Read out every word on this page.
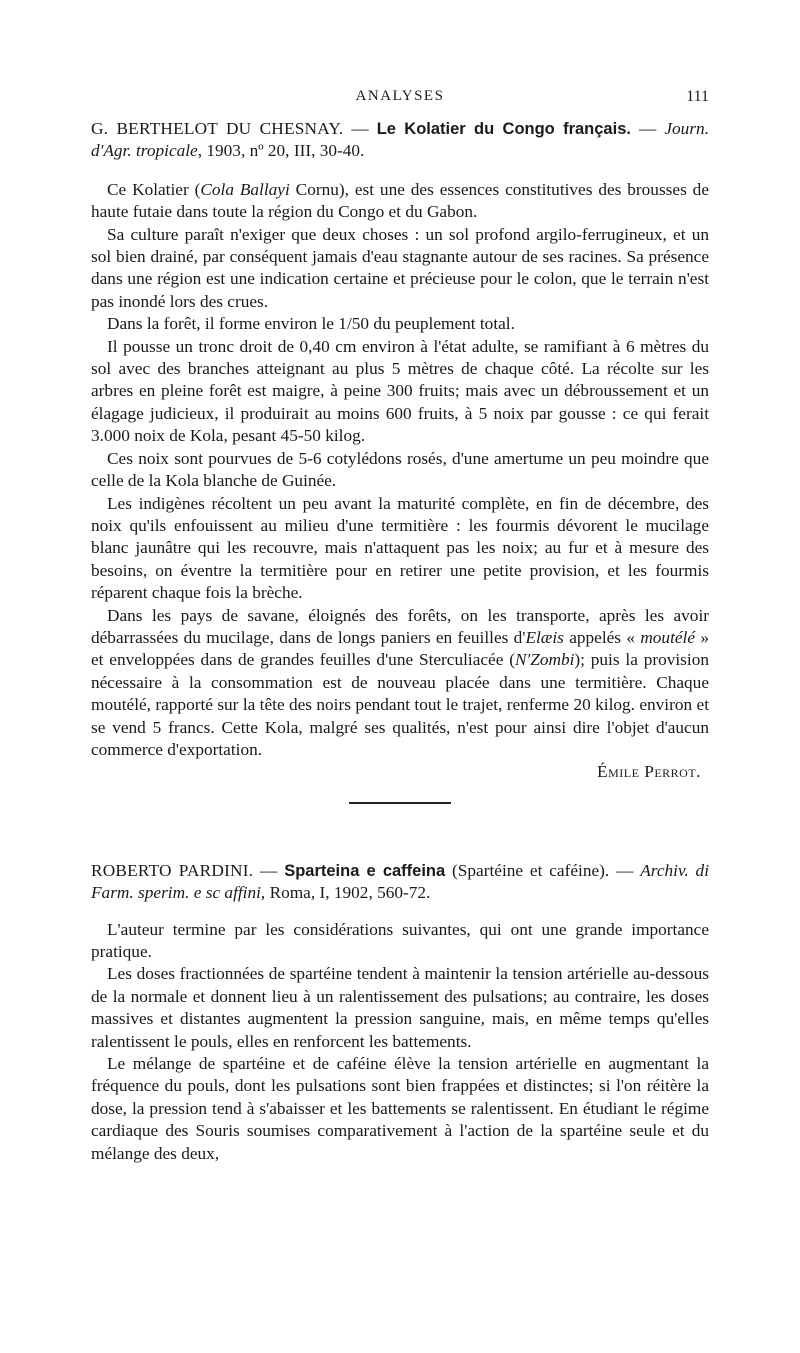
ANALYSES	111

G. BERTHELOT DU CHESNAY. — Le Kolatier du Congo français. — Journ. d'Agr. tropicale, 1903, nº 20, III, 30-40.

Ce Kolatier (Cola Ballayi Cornu), est une des essences constitutives des brousses de haute futaie dans toute la région du Congo et du Gabon.

Sa culture paraît n'exiger que deux choses : un sol profond argilo-ferrugineux, et un sol bien drainé, par conséquent jamais d'eau stagnante autour de ses racines. Sa présence dans une région est une indication certaine et précieuse pour le colon, que le terrain n'est pas inondé lors des crues.

Dans la forêt, il forme environ le 1/50 du peuplement total.

Il pousse un tronc droit de 0,40 cm environ à l'état adulte, se ramifiant à 6 mètres du sol avec des branches atteignant au plus 5 mètres de chaque côté. La récolte sur les arbres en pleine forêt est maigre, à peine 300 fruits; mais avec un débroussement et un élagage judicieux, il produirait au moins 600 fruits, à 5 noix par gousse : ce qui ferait 3.000 noix de Kola, pesant 45-50 kilog.

Ces noix sont pourvues de 5-6 cotylédons rosés, d'une amertume un peu moindre que celle de la Kola blanche de Guinée.

Les indigènes récoltent un peu avant la maturité complète, en fin de décembre, des noix qu'ils enfouissent au milieu d'une termitière : les fourmis dévorent le mucilage blanc jaunâtre qui les recouvre, mais n'attaquent pas les noix; au fur et à mesure des besoins, on éventre la termitière pour en retirer une petite provision, et les fourmis réparent chaque fois la brèche.

Dans les pays de savane, éloignés des forêts, on les transporte, après les avoir débarrassées du mucilage, dans de longs paniers en feuilles d'Elæis appelés « moutélé » et enveloppées dans de grandes feuilles d'une Sterculiacée (N'Zombi); puis la provision nécessaire à la consommation est de nouveau placée dans une termitière. Chaque moutélé, rapporté sur la tête des noirs pendant tout le trajet, renferme 20 kilog. environ et se vend 5 francs. Cette Kola, malgré ses qualités, n'est pour ainsi dire l'objet d'aucun commerce d'exportation.

Émile Perrot.

ROBERTO PARDINI. — Sparteina e caffeina (Spartéine et caféine). — Archiv. di Farm. sperim. e sc affini, Roma, I, 1902, 560-72.

L'auteur termine par les considérations suivantes, qui ont une grande importance pratique.

Les doses fractionnées de spartéine tendent à maintenir la tension artérielle au-dessous de la normale et donnent lieu à un ralentissement des pulsations; au contraire, les doses massives et distantes augmentent la pression sanguine, mais, en même temps qu'elles ralentissent le pouls, elles en renforcent les battements.

Le mélange de spartéine et de caféine élève la tension artérielle en augmentant la fréquence du pouls, dont les pulsations sont bien frappées et distinctes; si l'on réitère la dose, la pression tend à s'abaisser et les battements se ralentissent. En étudiant le régime cardiaque des Souris soumises comparativement à l'action de la spartéine seule et du mélange des deux,
